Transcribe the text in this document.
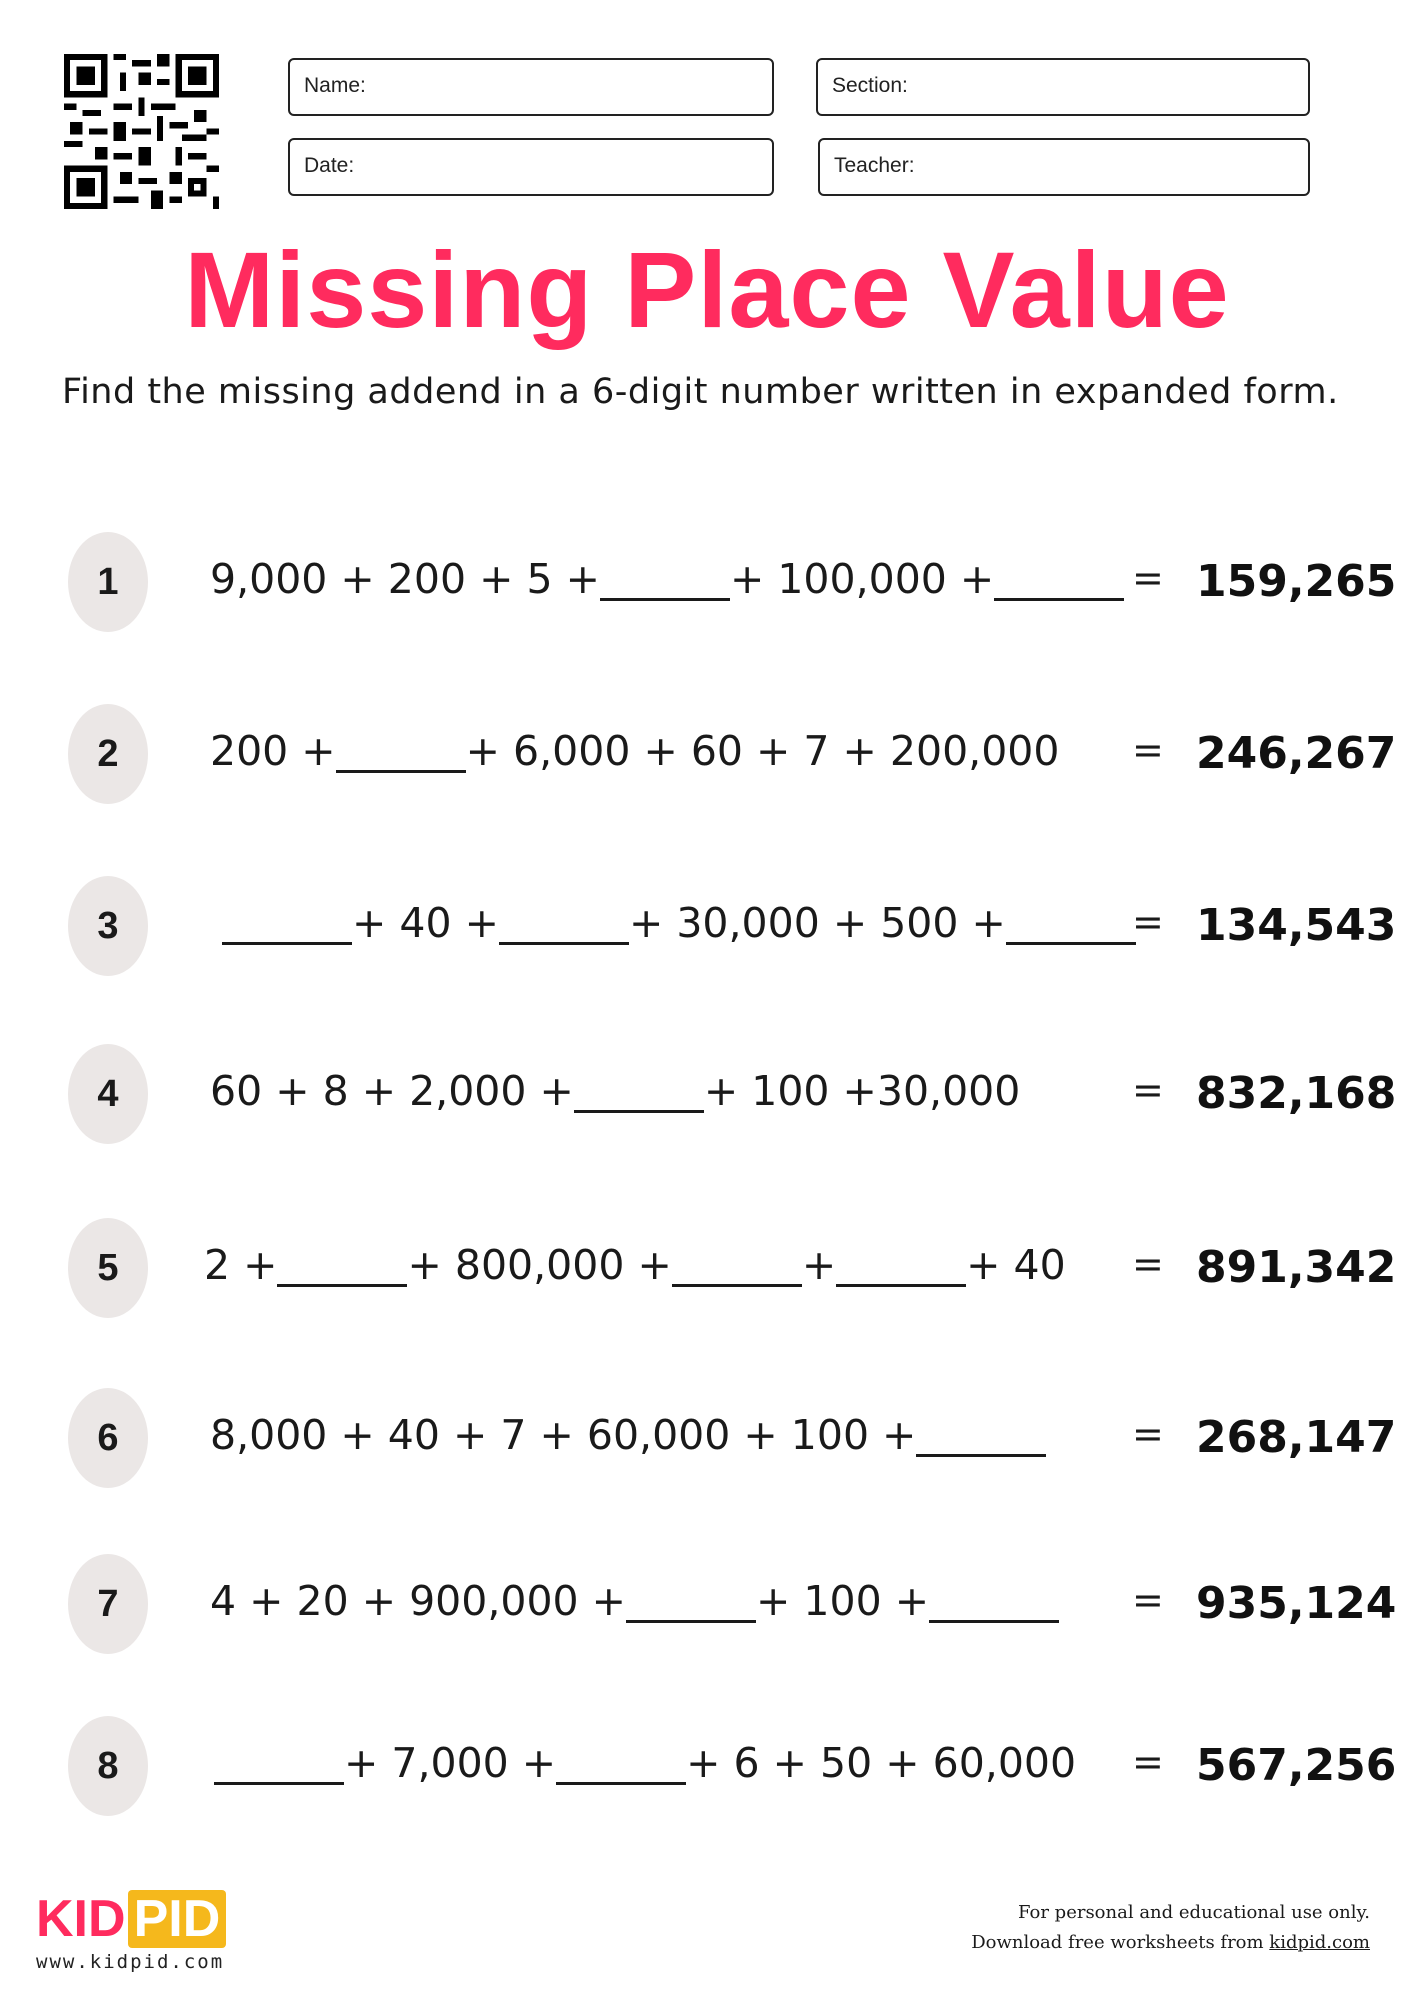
Name:	Section:
Date:	Teacher:
Missing Place Value
Find the missing addend in a 6-digit number written in expanded form.
1	9,000 + 200 + 5 +	+ 100,000 +	= 159,265
2	200 +	+ 6,000 + 60 + 7 + 200,000 = 246,267
3	+ 40 +	+ 30,000 + 500 +	= 134,543
4	60 + 8 + 2,000 +	+ 100 +30,000	= 832,168
5	2 +	+ 800,000 +	+	+ 40 = 891,342
6	8,000 + 40 + 7 + 60,000 + 100 +	= 268,147
7	4 + 20 + 900,000 +	+ 100 +	= 935,124
8	+ 7,000 +	+ 6 + 50 + 60,000 = 567,256
KID PID
www.kidpid.com
For personal and educational use only.
Download free worksheets from kidpid.com
